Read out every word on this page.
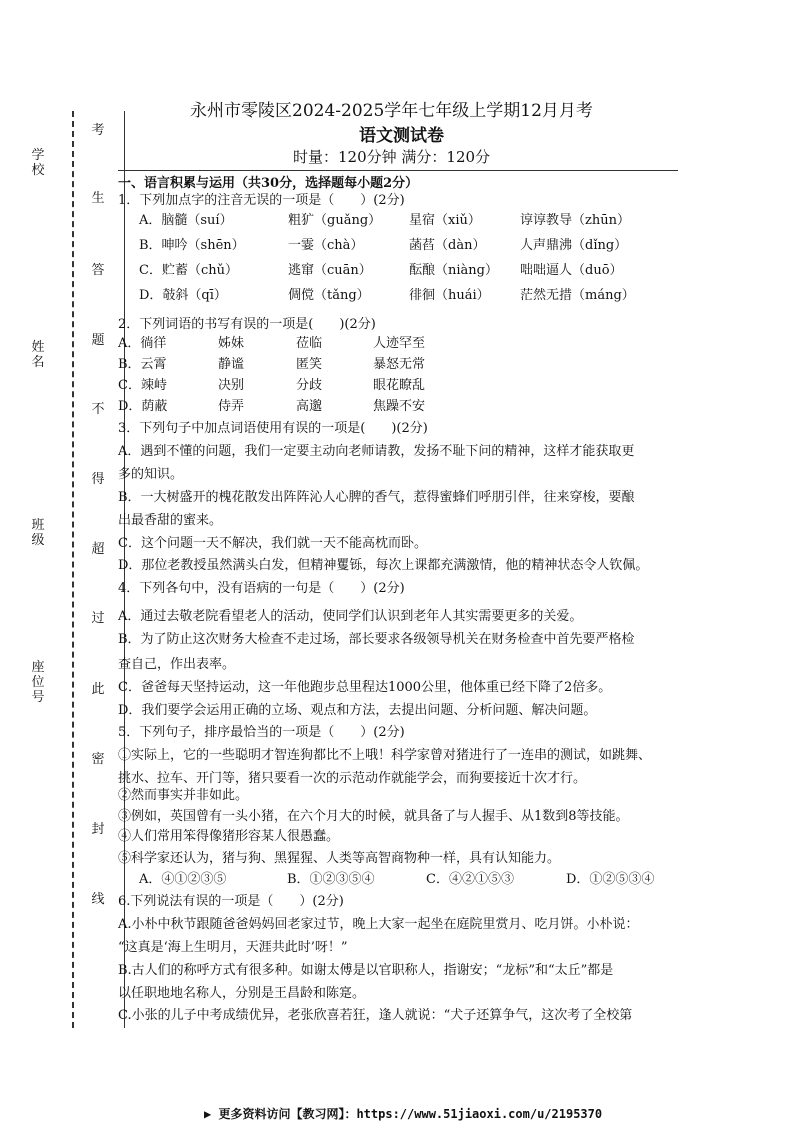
学校
姓名
班级
座位号
考
生
答
题
不
得
超
过
此
密
封
线
永州市零陵区2024-2025学年七年级上学期12月月考
语文测试卷
时量：120分钟 满分：120分
一、语言积累与运用（共30分，选择题每小题2分）
1．下列加点字的注音无误的一项是（　　）(2分)
A．脑髓（suí）	粗犷（guǎng） 星宿（xiǔ）	谆谆教导（zhūn）
B．呻吟（shēn）	一霎（chà）	菡萏（dàn）	人声鼎沸（dǐng）
C．贮蓄（chǔ）	逃窜（cuān）	酝酿（niàng） 咄咄逼人（duō）
D．攲斜（qī）	倜傥（tǎng）	徘徊（huái） 茫然无措（máng）
2．下列词语的书写有误的一项是(　　)(2分)
A．徜徉	姊妹	莅临	人迹罕至
B．云霄	静谧	匿笑	暴怒无常
C．竦峙	决别	分歧	眼花瞭乱
D．荫蔽	侍弄	高邈	焦躁不安
3．下列句子中加点词语使用有误的一项是(　　)(2分)
A．遇到不懂的问题，我们一定要主动向老师请教，发扬不耻下问的精神，这样才能获取更
多的知识。
B．一大树盛开的槐花散发出阵阵沁人心脾的香气，惹得蜜蜂们呼朋引伴，往来穿梭，要酿
出最香甜的蜜来。
C．这个问题一天不解决，我们就一天不能高枕而卧。
D．那位老教授虽然满头白发，但精神矍铄，每次上课都充满激情，他的精神状态令人钦佩。
4．下列各句中，没有语病的一句是（　　）(2分)
A．通过去敬老院看望老人的活动，使同学们认识到老年人其实需要更多的关爱。
B．为了防止这次财务大检查不走过场，部长要求各级领导机关在财务检查中首先要严格检
查自己，作出表率。
C．爸爸每天坚持运动，这一年他跑步总里程达1000公里，他体重已经下降了2倍多。
D．我们要学会运用正确的立场、观点和方法，去提出问题、分析问题、解决问题。
5．下列句子，排序最恰当的一项是（　　）(2分)
①实际上，它的一些聪明才智连狗都比不上哦！科学家曾对猪进行了一连串的测试，如跳舞、
挑水、拉车、开门等，猪只要看一次的示范动作就能学会，而狗要接近十次才行。
②然而事实并非如此。
③例如，英国曾有一头小猪，在六个月大的时候，就具备了与人握手、从1数到8等技能。
④人们常用笨得像猪形容某人很愚蠢。
⑤科学家还认为，猪与狗、黑猩猩、人类等高智商物种一样，具有认知能力。
A．④①②③⑤	B．①②③⑤④	C．④②①⑤③	D．①②⑤③④
6.下列说法有误的一项是（　　）(2分)
A.小朴中秋节跟随爸爸妈妈回老家过节，晚上大家一起坐在庭院里赏月、吃月饼。小朴说：
“这真是‘海上生明月，天涯共此时’呀！”
B.古人们的称呼方式有很多种。如谢太傅是以官职称人，指谢安；“龙标”和“太丘”都是
以任职地地名称人，分别是王昌龄和陈寔。
C.小张的儿子中考成绩优异，老张欣喜若狂，逢人就说：“犬子还算争气，这次考了全校第
▶ 更多资料访问【教习网】：https://www.51jiaoxi.com/u/2195370
